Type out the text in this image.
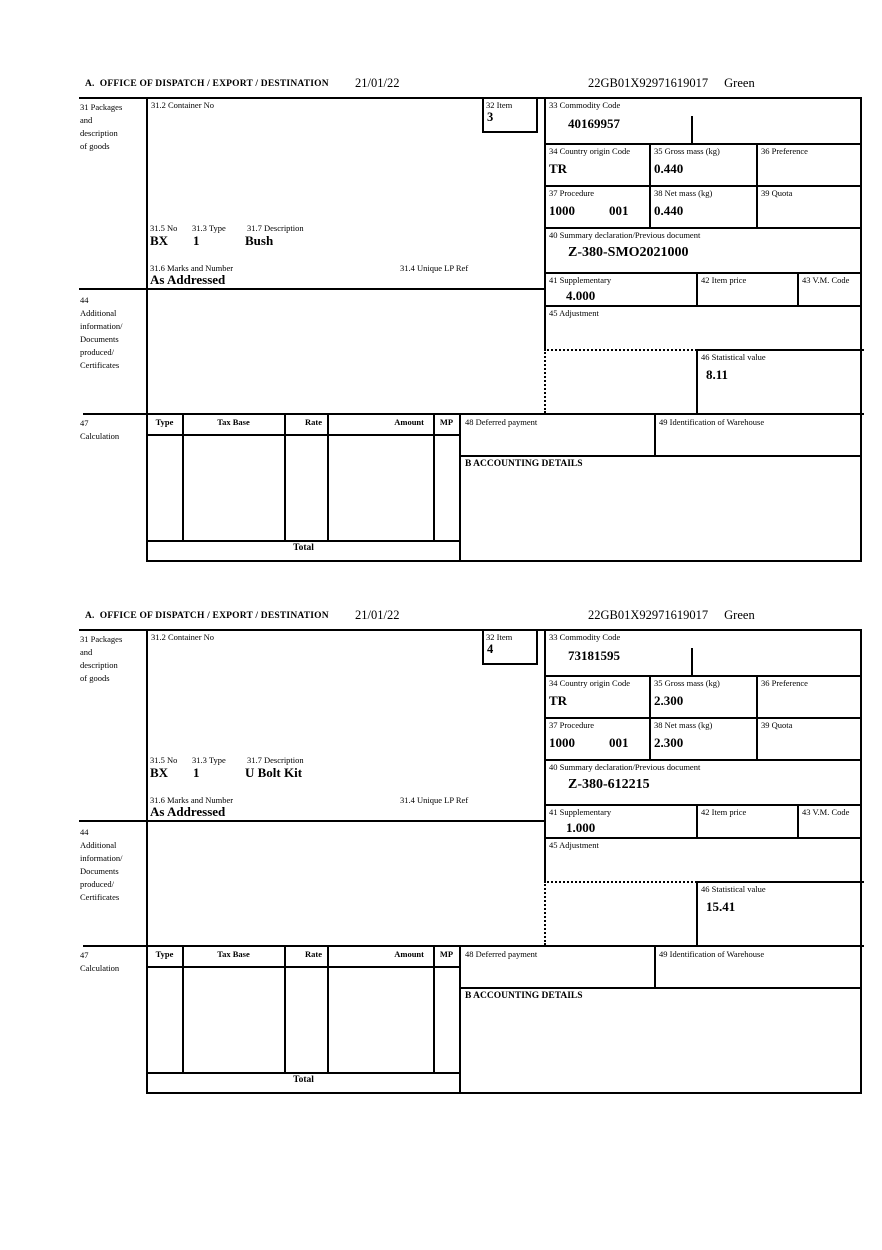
A.  OFFICE OF DISPATCH / EXPORT / DESTINATION 21/01/22	22GB01X92971619017 Green
31 Packages
and
description
of goods
44
Additional
information/
Documents
produced/
Certificates
47
Calculation
31.2 Container No	32 Item
3
31.5 No 31.3 Type	31.7 Description
BX 1	Bush
31.6 Marks and Number	31.4 Unique LP Ref
As Addressed
33 Commodity Code
40169957
34 Country origin Code
TR
35 Gross mass (kg)
0.440
36 Preference
37 Procedure
1000	001
38 Net mass (kg)
0.440
39 Quota
40 Summary declaration/Previous document
Z-380-SMO2021000
41 Supplementary
4.000
42 Item price	43 V.M. Code
45 Adjustment
46 Statistical value
8.11
Type	Tax Base	Rate	Amount	MP
Total
48 Deferred payment	49 Identification of Warehouse
B ACCOUNTING DETAILS
A.  OFFICE OF DISPATCH / EXPORT / DESTINATION 21/01/22	22GB01X92971619017 Green
31 Packages
and
description
of goods
44
Additional
information/
Documents
produced/
Certificates
47
Calculation
31.2 Container No	32 Item
4
31.5 No 31.3 Type	31.7 Description
BX 1	U Bolt Kit
31.6 Marks and Number	31.4 Unique LP Ref
As Addressed
33 Commodity Code
73181595
34 Country origin Code
TR
35 Gross mass (kg)
2.300
36 Preference
37 Procedure
1000	001
38 Net mass (kg)
2.300
39 Quota
40 Summary declaration/Previous document
Z-380-612215
41 Supplementary
1.000
42 Item price	43 V.M. Code
45 Adjustment
46 Statistical value
15.41
Type	Tax Base	Rate	Amount	MP
Total
48 Deferred payment	49 Identification of Warehouse
B ACCOUNTING DETAILS
